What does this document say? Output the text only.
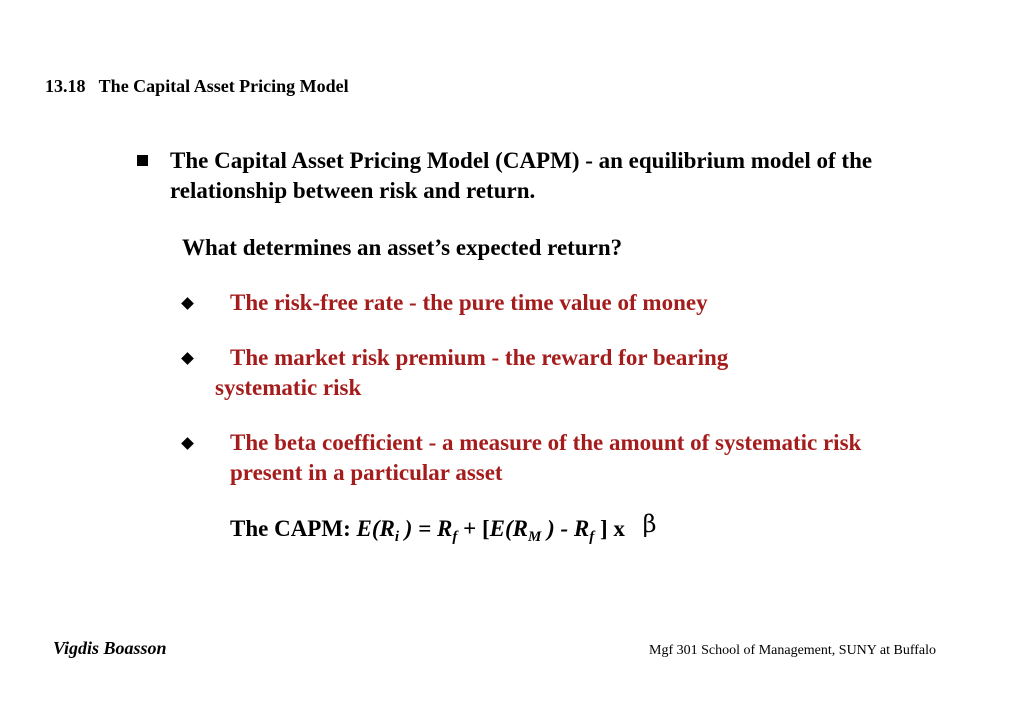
13.18   The Capital Asset Pricing Model
The Capital Asset Pricing Model (CAPM) - an equilibrium model of the relationship between risk and return.
What determines an asset’s expected return?
The risk-free rate - the pure time value of money
The market risk premium - the reward for bearing
systematic risk
The beta coefficient - a measure of the amount of systematic risk present in a particular asset
The CAPM: $E(R_i$ ) = $R_f + [E(R_M$ ) - $R_f$ ] x β
Vigdis Boasson	Mgf 301 School of Management, SUNY at Buffalo
